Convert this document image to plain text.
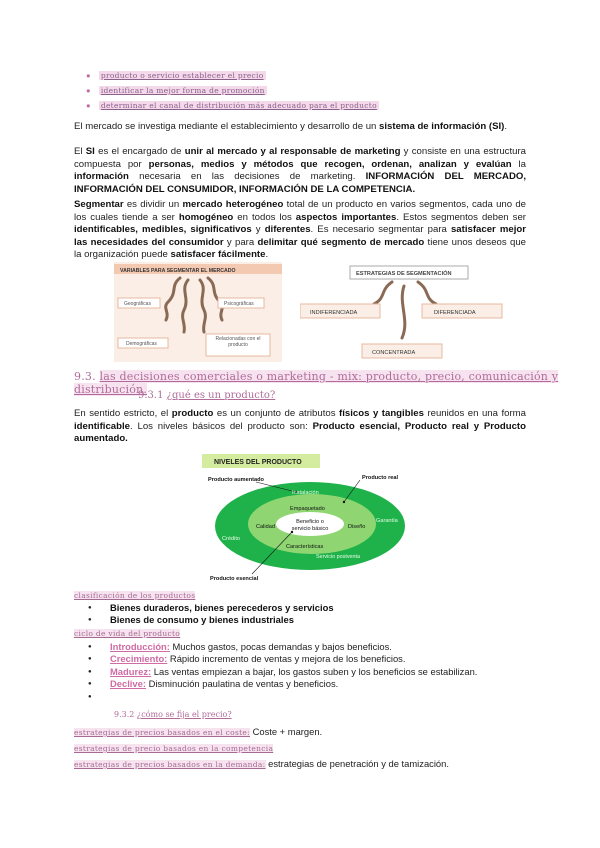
● producto o servicio establecer el precio
● identificar la mejor forma de promoción
● determinar el canal de distribución más adecuado para el producto

El mercado se investiga mediante el establecimiento y desarrollo de un sistema de información (SI).

El SI es el encargado de unir al mercado y al responsable de marketing y consiste en una estructura compuesta por personas, medios y métodos que recogen, ordenan, analizan y evalúan la información necesaria en las decisiones de marketing. INFORMACIÓN DEL MERCADO, INFORMACIÓN DEL CONSUMIDOR, INFORMACIÓN DE LA COMPETENCIA.

Segmentar es dividir un mercado heterogéneo total de un producto en varios segmentos, cada uno de los cuales tiende a ser homogéneo en todos los aspectos importantes. Estos segmentos deben ser identificables, medibles, significativos y diferentes. Es necesario segmentar para satisfacer mejor las necesidades del consumidor y para delimitar qué segmento de mercado tiene unos deseos que la organización puede satisfacer fácilmente.

VARIABLES PARA SEGMENTAR EL MERCADO
Geográficas	Psicográficas
Demográficas
Relacionadas con el producto
ESTRATEGIAS DE SEGMENTACIÓN
INDIFERENCIADA	DIFERENCIADA
CONCENTRADA
9.3. las decisiones comerciales o marketing - mix: producto, precio, comunicación y distribución.
9.3.1 ¿qué es un producto?

En sentido estricto, el producto es un conjunto de atributos físicos y tangibles reunidos en una forma identificable. Los niveles básicos del producto son: Producto esencial, Producto real y Producto aumentado.

NIVELES DEL PRODUCTO
Producto aumentado	Producto real
Producto esencial
Instalación
Garantía
Servicio postventa
Crédito
Empaquetado
Diseño
Características
Calidad
Beneficio o
servicio básico
clasificación de los productos
● Bienes duraderos, bienes perecederos y servicios
● Bienes de consumo y bienes industriales
ciclo de vida del producto
● Introducción: Muchos gastos, pocas demandas y bajos beneficios.
● Crecimiento: Rápido incremento de ventas y mejora de los beneficios.
● Madurez: Las ventas empiezan a bajar, los gastos suben y los beneficios se estabilizan.
● Declive: Disminución paulatina de ventas y beneficios.
9.3.2 ¿cómo se fija el precio?
estrategias de precios basados en el coste: Coste + margen.
estrategias de precio basados en la competencia
estrategias de precios basados en la demanda: estrategias de penetración y de tamización.
